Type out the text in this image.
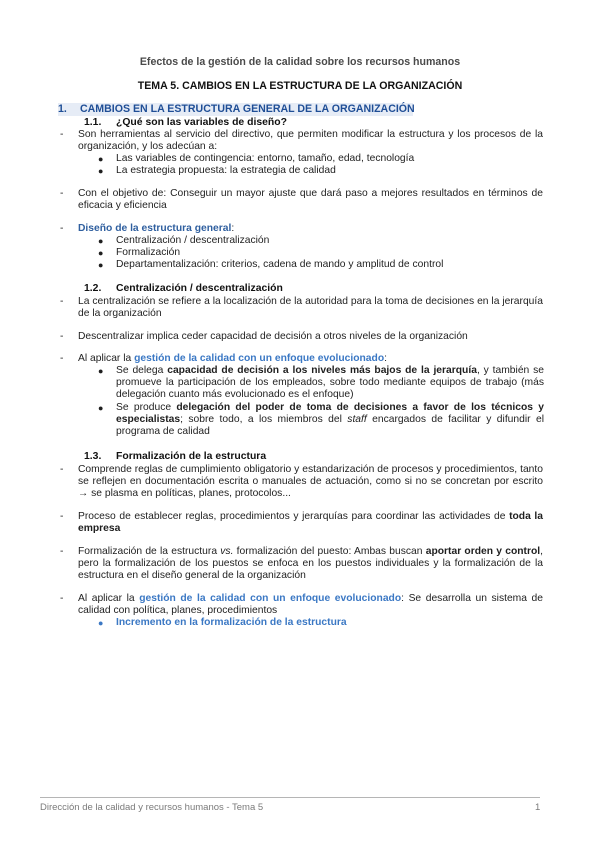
Efectos de la gestión de la calidad sobre los recursos humanos
TEMA 5. CAMBIOS EN LA ESTRUCTURA DE LA ORGANIZACIÓN
1. CAMBIOS EN LA ESTRUCTURA GENERAL DE LA ORGANIZACIÓN
1.1. ¿Qué son las variables de diseño?
- Son herramientas al servicio del directivo, que permiten modificar la estructura y los procesos de la organización, y los adecúan a:
● Las variables de contingencia: entorno, tamaño, edad, tecnología
● La estrategia propuesta: la estrategia de calidad
- Con el objetivo de: Conseguir un mayor ajuste que dará paso a mejores resultados en términos de eficacia y eficiencia
- Diseño de la estructura general:
● Centralización / descentralización
● Formalización
● Departamentalización: criterios, cadena de mando y amplitud de control
1.2. Centralización / descentralización
- La centralización se refiere a la localización de la autoridad para la toma de decisiones en la jerarquía de la organización
- Descentralizar implica ceder capacidad de decisión a otros niveles de la organización
- Al aplicar la gestión de la calidad con un enfoque evolucionado:
● Se delega capacidad de decisión a los niveles más bajos de la jerarquía, y también se promueve la participación de los empleados, sobre todo mediante equipos de trabajo (más delegación cuanto más evolucionado es el enfoque)
● Se produce delegación del poder de toma de decisiones a favor de los técnicos y especialistas; sobre todo, a los miembros del staff encargados de facilitar y difundir el programa de calidad
1.3. Formalización de la estructura
- Comprende reglas de cumplimiento obligatorio y estandarización de procesos y procedimientos, tanto se reflejen en documentación escrita o manuales de actuación, como si no se concretan por escrito → se plasma en políticas, planes, protocolos...
- Proceso de establecer reglas, procedimientos y jerarquías para coordinar las actividades de toda la empresa
- Formalización de la estructura vs. formalización del puesto: Ambas buscan aportar orden y control, pero la formalización de los puestos se enfoca en los puestos individuales y la formalización de la estructura en el diseño general de la organización
- Al aplicar la gestión de la calidad con un enfoque evolucionado: Se desarrolla un sistema de calidad con política, planes, procedimientos
● Incremento en la formalización de la estructura
Dirección de la calidad y recursos humanos - Tema 5	1
